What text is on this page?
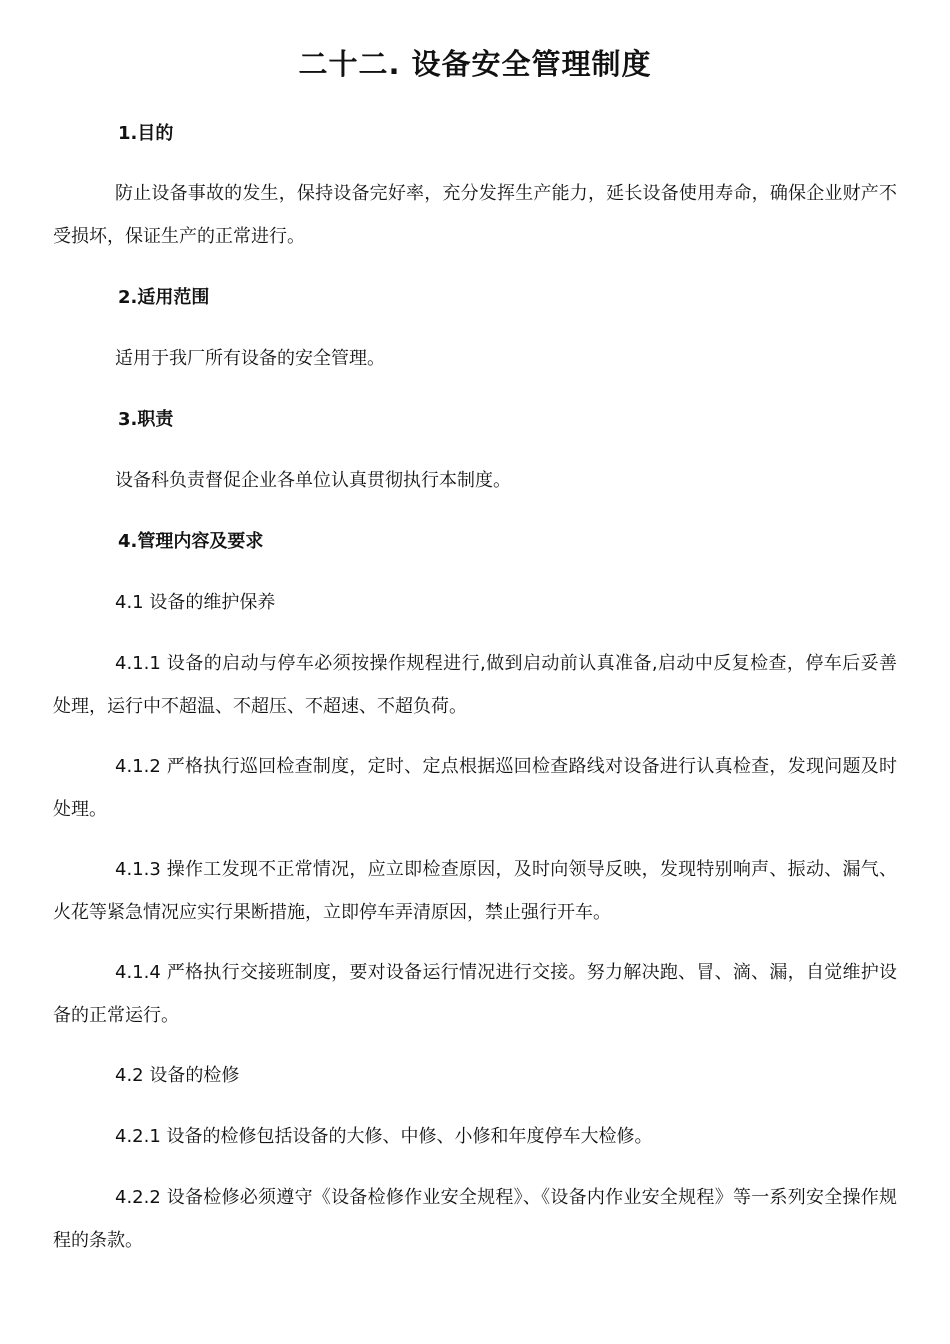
二十二. 设备安全管理制度
1.目的

防止设备事故的发生，保持设备完好率，充分发挥生产能力，延长设备使用寿命，确保企业财产不受损坏，保证生产的正常进行。

2.适用范围

适用于我厂所有设备的安全管理。

3.职责

设备科负责督促企业各单位认真贯彻执行本制度。

4.管理内容及要求

4.1 设备的维护保养

4.1.1 设备的启动与停车必须按操作规程进行,做到启动前认真准备,启动中反复检查，停车后妥善处理，运行中不超温、不超压、不超速、不超负荷。

4.1.2 严格执行巡回检查制度，定时、定点根据巡回检查路线对设备进行认真检查，发现问题及时处理。

4.1.3 操作工发现不正常情况，应立即检查原因，及时向领导反映，发现特别响声、振动、漏气、火花等紧急情况应实行果断措施，立即停车弄清原因，禁止强行开车。

4.1.4 严格执行交接班制度，要对设备运行情况进行交接。努力解决跑、冒、滴、漏，自觉维护设备的正常运行。

4.2 设备的检修

4.2.1 设备的检修包括设备的大修、中修、小修和年度停车大检修。

4.2.2 设备检修必须遵守《设备检修作业安全规程》、《设备内作业安全规程》等一系列安全操作规程的条款。
